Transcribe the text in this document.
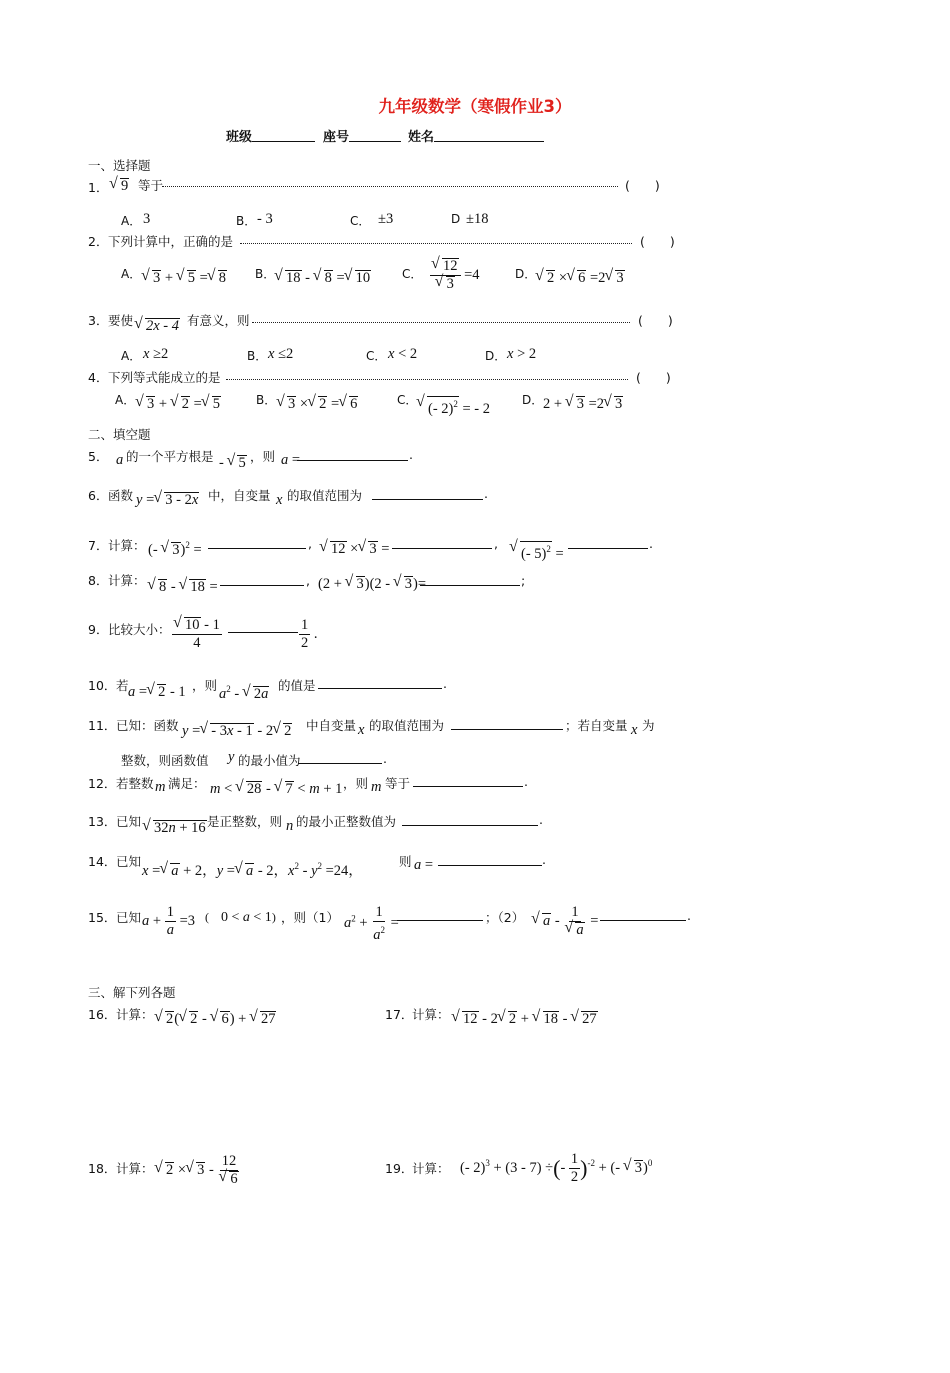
九年级数学（寒假作业3）
班级	座号	姓名
一、选择题
1． √ 9 等于	(　　)
A． 3	B． - 3	C． ±3	D ±18
2． 下列计算中，正确的是	(　　)
A． √ 3 + √ 5 = √ 8 B． √ 18 - √ 8 = √ 10	C． √ 12
√ 3 =4	D． √ 2 × √ 6 =2 √ 3
3． 要使 √ 2x - 4 有意义，则	(　　)
A． x ≥2	B． x ≤2	C． x < 2	D． x > 2
4． 下列等式能成立的是	(　　)
A． √ 3 + √ 2 = √ 5	B． √ 3 × √ 2 = √ 6	C．
√ (- 2)$^2$ = - 2
D． 2 + √ 3 =2 √ 3
二、填空题
5． a 的一个平方根是 - √ 5 ，则 a =	.
6． 函数 y = √ 3 - 2x 中，自变量 x 的取值范围为	.
7． 计算： (- √ 3)$^2$ =	,	√ 12 × √ 3 =	,
√ (- 5)$^2$ =
.
8． 计算： √ 8 - √ 18 =	, (2 + √ 3)(2 - √ 3)=	;
9． 比较大小： √ $\frac{10 - 1}{4}$	$\frac{1}{2}$ .
10． 若 a = √ 2 - 1 ，则
$a^2$ - √ 2a
的值是	.
11． 已知：函数 y = √ - 3x - 1 - 2 √ 2 中自变量 x 的取值范围为	；若自变量 x 为
整数，则函数值 y 的最小值为	.
12． 若整数 m 满足： m < √ 28 - √ 7 < m + 1 ，则 m 等于	.
13． 已知 √ 32n + 16 是正整数，则 n 的最小正整数值为	.
14． 已知
x = √ a + 2，y = √ a - 2，$x^2 - y^2 =24$，
则 a =	.
15． 已知 $a + \frac{1}{a} =3$ (　0 < a < 1) ，则（1） $a^2 + \frac{1}{a^2}$ =	；（2）	√ a - 1
√ a =	.
三、解下列各题
16． 计算： √ 2( √ 2 - √ 6) + √ 27	17．
计算： √ 12 - 2 √ 2 + √ 18 - √ 27
18． 计算： √ 2 × √ 3 - 12
√ 6	19．
计算： (- 2)$^3$ + (3 - 7) ÷(- $\frac{1}{2} )^{-2}$ + (- √ 3)$^0$
